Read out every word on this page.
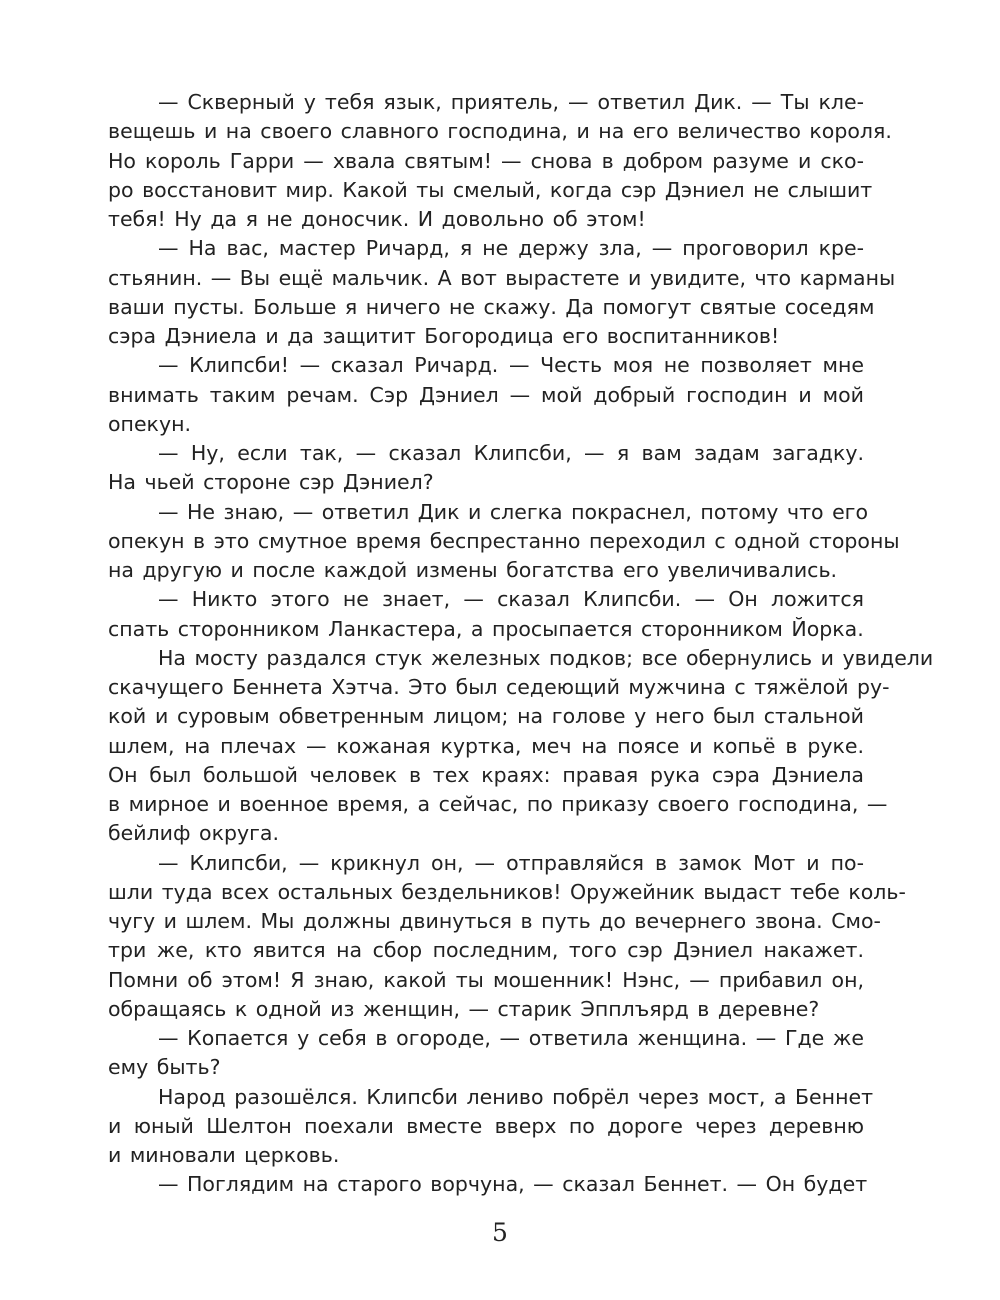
— Скверный у тебя язык, приятель, — ответил Дик. — Ты кле-
вещешь и на своего славного господина, и на его величество короля.
Но король Гарри — хвала святым! — снова в добром разуме и ско-
ро восстановит мир. Какой ты смелый, когда сэр Дэниел не слышит
тебя! Ну да я не доносчик. И довольно об этом!
— На вас, мастер Ричард, я не держу зла, — проговорил кре-
стьянин. — Вы ещё мальчик. А вот вырастете и увидите, что карманы
ваши пусты. Больше я ничего не скажу. Да помогут святые соседям
сэра Дэниела и да защитит Богородица его воспитанников!
— Клипсби! — сказал Ричард. — Честь моя не позволяет мне
внимать таким речам. Сэр Дэниел — мой добрый господин и мой
опекун.
— Ну, если так, — сказал Клипсби, — я вам задам загадку.
На чьей стороне сэр Дэниел?
— Не знаю, — ответил Дик и слегка покраснел, потому что его
опекун в это смутное время беспрестанно переходил с одной стороны
на другую и после каждой измены богатства его увеличивались.
— Никто этого не знает, — сказал Клипсби. — Он ложится
спать сторонником Ланкастера, а просыпается сторонником Йорка.
На мосту раздался стук железных подков; все обернулись и увидели
скачущего Беннета Хэтча. Это был седеющий мужчина с тяжёлой ру-
кой и суровым обветренным лицом; на голове у него был стальной
шлем, на плечах — кожаная куртка, меч на поясе и копьё в руке.
Он был большой человек в тех краях: правая рука сэра Дэниела
в мирное и военное время, а сейчас, по приказу своего господина, —
бейлиф округа.
— Клипсби, — крикнул он, — отправляйся в замок Мот и по-
шли туда всех остальных бездельников! Оружейник выдаст тебе коль-
чугу и шлем. Мы должны двинуться в путь до вечернего звона. Смо-
три же, кто явится на сбор последним, того сэр Дэниел накажет.
Помни об этом! Я знаю, какой ты мошенник! Нэнс, — прибавил он,
обращаясь к одной из женщин, — старик Эпплъярд в деревне?
— Копается у себя в огороде, — ответила женщина. — Где же
ему быть?
Народ разошёлся. Клипсби лениво побрёл через мост, а Беннет
и юный Шелтон поехали вместе вверх по дороге через деревню
и миновали церковь.
— Поглядим на старого ворчуна, — сказал Беннет. — Он будет
5
